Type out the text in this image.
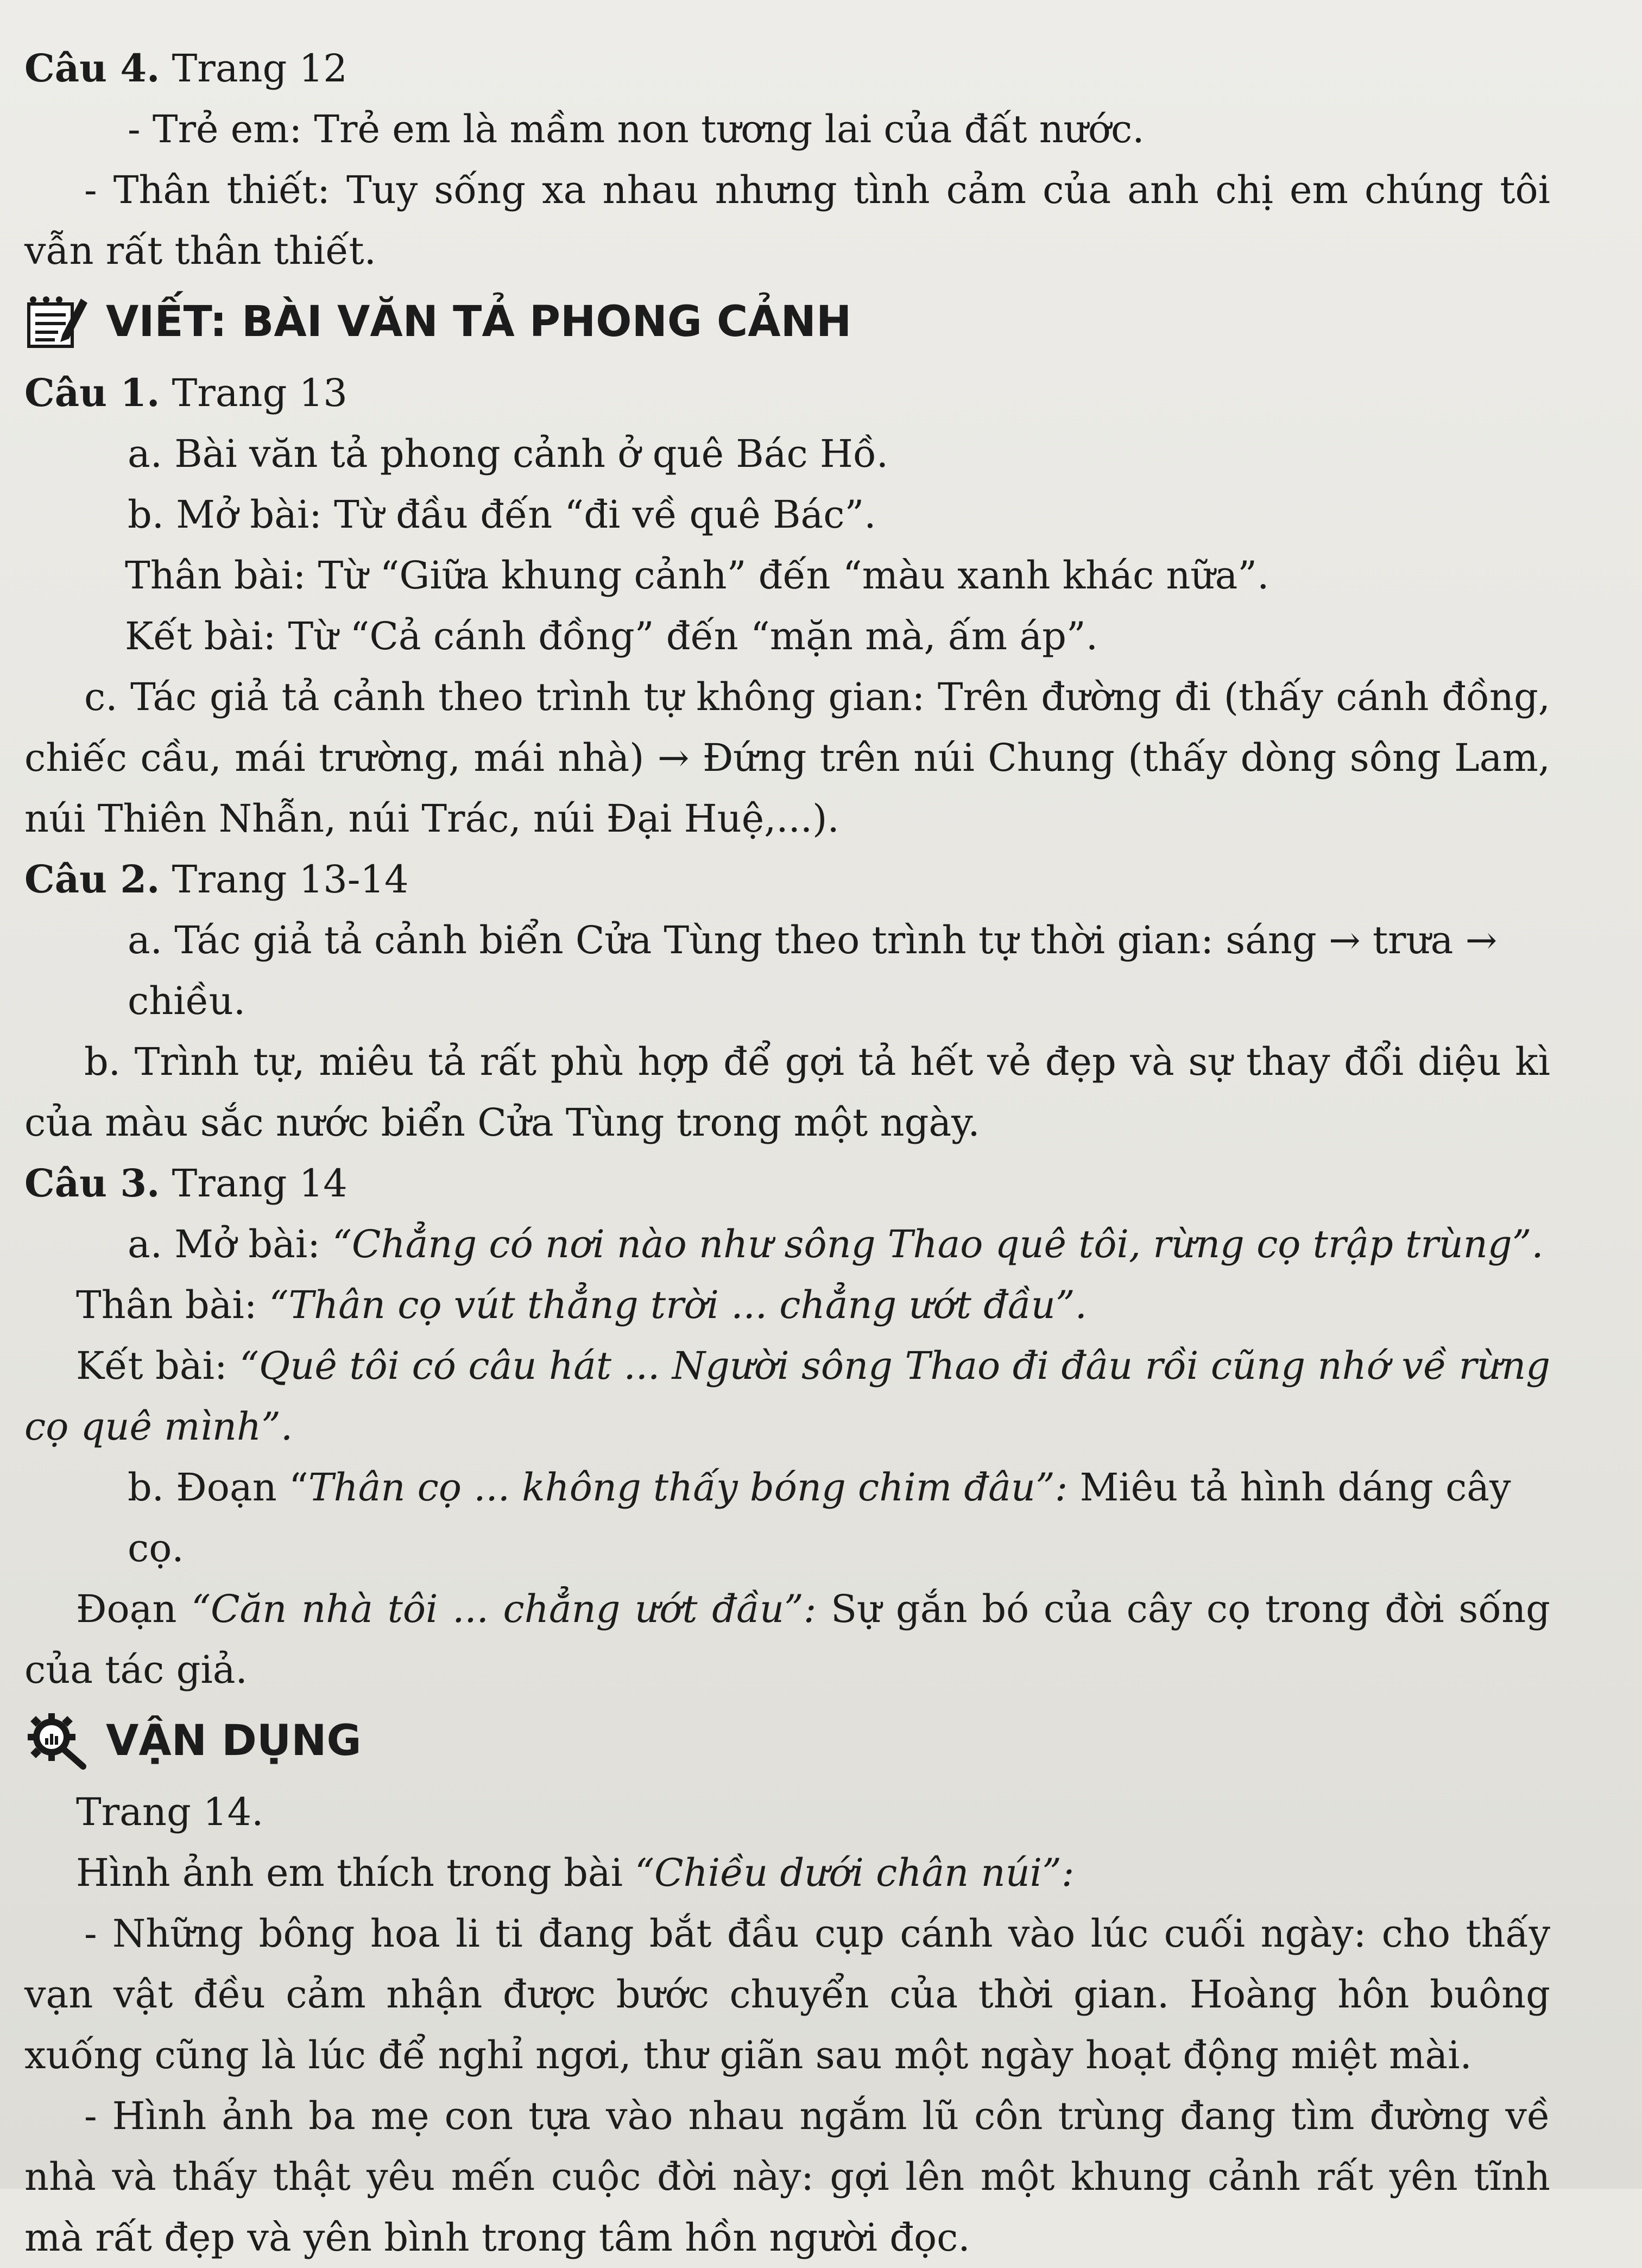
Câu 4. Trang 12

- Trẻ em: Trẻ em là mầm non tương lai của đất nước.

- Thân thiết: Tuy sống xa nhau nhưng tình cảm của anh chị em chúng tôi vẫn rất thân thiết.

VIẾT: BÀI VĂN TẢ PHONG CẢNH

Câu 1. Trang 13

a. Bài văn tả phong cảnh ở quê Bác Hồ.

b. Mở bài: Từ đầu đến “đi về quê Bác”.

Thân bài: Từ “Giữa khung cảnh” đến “màu xanh khác nữa”.

Kết bài: Từ “Cả cánh đồng” đến “mặn mà, ấm áp”.

c. Tác giả tả cảnh theo trình tự không gian: Trên đường đi (thấy cánh đồng, chiếc cầu, mái trường, mái nhà) → Đứng trên núi Chung (thấy dòng sông Lam, núi Thiên Nhẫn, núi Trác, núi Đại Huệ,...).

Câu 2. Trang 13-14

a. Tác giả tả cảnh biển Cửa Tùng theo trình tự thời gian: sáng → trưa → chiều.

b. Trình tự, miêu tả rất phù hợp để gợi tả hết vẻ đẹp và sự thay đổi diệu kì của màu sắc nước biển Cửa Tùng trong một ngày.

Câu 3. Trang 14

a. Mở bài: “Chẳng có nơi nào như sông Thao quê tôi, rừng cọ trập trùng”.

Thân bài: “Thân cọ vút thẳng trời ... chẳng ướt đầu”.

Kết bài: “Quê tôi có câu hát ... Người sông Thao đi đâu rồi cũng nhớ về rừng cọ quê mình”.

b. Đoạn “Thân cọ ... không thấy bóng chim đâu”: Miêu tả hình dáng cây cọ.

Đoạn “Căn nhà tôi ... chẳng ướt đầu”: Sự gắn bó của cây cọ trong đời sống của tác giả.

VẬN DỤNG

Trang 14.

Hình ảnh em thích trong bài “Chiều dưới chân núi”:

- Những bông hoa li ti đang bắt đầu cụp cánh vào lúc cuối ngày: cho thấy vạn vật đều cảm nhận được bước chuyển của thời gian. Hoàng hôn buông xuống cũng là lúc để nghỉ ngơi, thư giãn sau một ngày hoạt động miệt mài.

- Hình ảnh ba mẹ con tựa vào nhau ngắm lũ côn trùng đang tìm đường về nhà và thấy thật yêu mến cuộc đời này: gợi lên một khung cảnh rất yên tĩnh mà rất đẹp và yên bình trong tâm hồn người đọc.
